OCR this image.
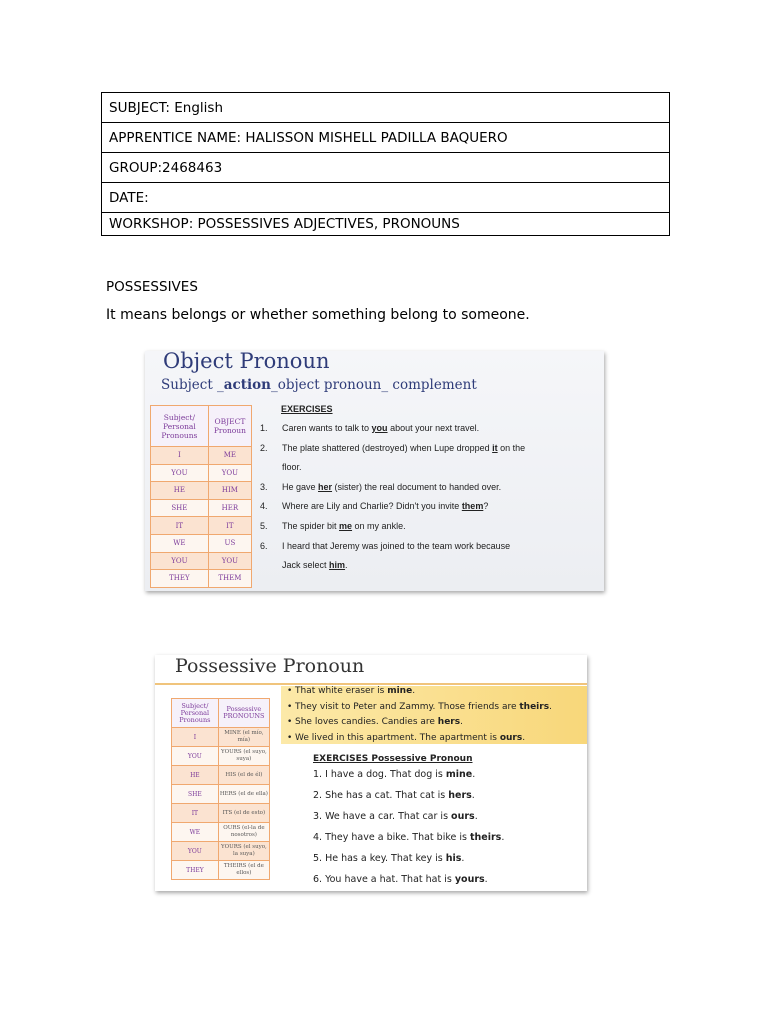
SUBJECT: English
APPRENTICE NAME: HALISSON MISHELL PADILLA BAQUERO
GROUP:2468463
DATE:
WORKSHOP: POSSESSIVES ADJECTIVES, PRONOUNS
POSSESSIVES
It means belongs or whether something belong to someone.
Object Pronoun
Subject _action_object pronoun_ complement
Subject/ Personal Pronouns	OBJECT Pronoun
I	ME
YOU	YOU
HE	HIM
SHE	HER
IT	IT
WE	US
YOU	YOU
THEY	THEM
EXERCISES
1. Caren wants to talk to you about your next travel.
2. The plate shattered (destroyed) when Lupe dropped it on the
floor.
3. He gave her (sister) the real document to handed over.
4. Where are Lily and Charlie? Didn't you invite them?
5. The spider bit me on my ankle.
6. I heard that Jeremy was joined to the team work because
Jack select him.
Possessive Pronoun
• That white eraser is mine.
• They visit to Peter and Zammy. Those friends are theirs.
• She loves candies. Candies are hers.
• We lived in this apartment. The apartment is ours.
Subject/ Personal Pronouns	Possessive PRONOUNS
I	MINE (el mío, mía)
YOU	YOURS (el suyo, suya)
HE	HIS (el de él)
SHE	HERS (el de ella)
IT	ITS (el de esto)
WE	OURS (el-la de nosotros)
YOU	YOURS (el suyo, la suya)
THEY	THEIRS (el de ellos)
EXERCISES Possessive Pronoun
1. I have a dog. That dog is mine.
2. She has a cat. That cat is hers.
3. We have a car. That car is ours.
4. They have a bike. That bike is theirs.
5. He has a key. That key is his.
6. You have a hat. That hat is yours.
